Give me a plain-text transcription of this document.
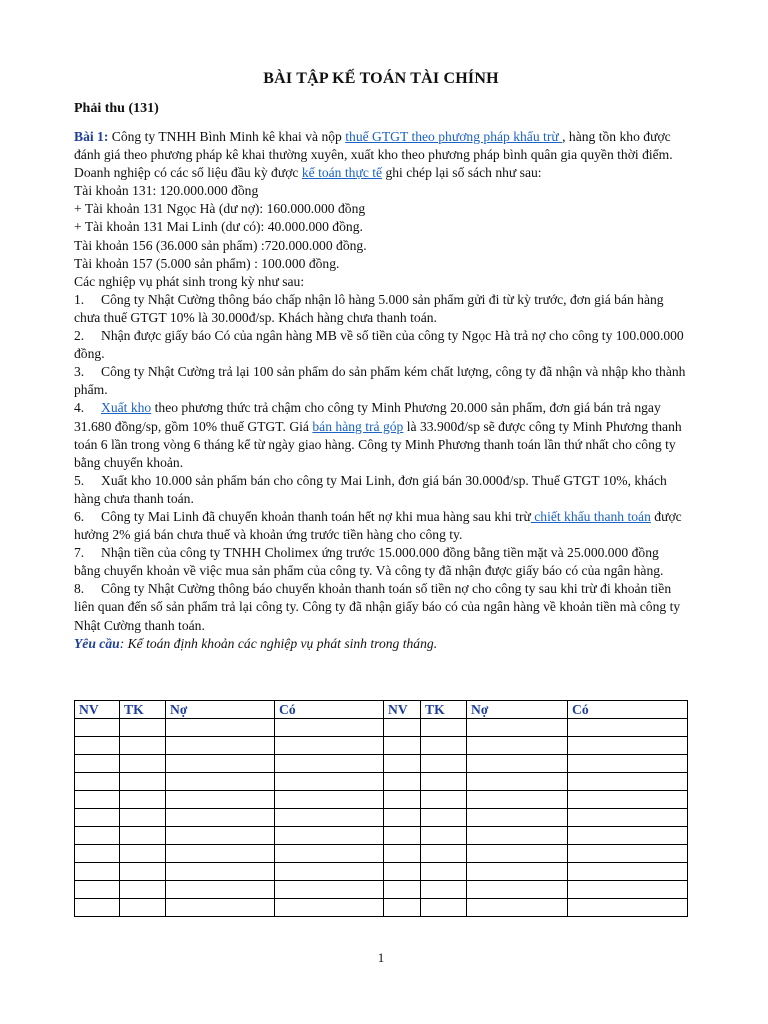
BÀI TẬP KẾ TOÁN TÀI CHÍNH
Phải thu (131)

Bài 1: Công ty TNHH Bình Minh kê khai và nộp thuế GTGT theo phương pháp khấu trừ , hàng tồn kho được đánh giá theo phương pháp kê khai thường xuyên, xuất kho theo phương pháp bình quân gia quyền thời điểm. Doanh nghiệp có các số liệu đầu kỳ được kế toán thực tế ghi chép lại số sách như sau:

Tài khoản 131: 120.000.000 đồng

+ Tài khoản 131 Ngọc Hà (dư nợ): 160.000.000 đồng

+ Tài khoản 131 Mai Linh (dư có): 40.000.000 đồng.

Tài khoản 156 (36.000 sản phẩm) :720.000.000 đồng.

Tài khoản 157 (5.000 sản phẩm) : 100.000 đồng.

Các nghiệp vụ phát sinh trong kỳ như sau:

1. Công ty Nhật Cường thông báo chấp nhận lô hàng 5.000 sản phẩm gửi đi từ kỳ trước, đơn giá bán hàng chưa thuế GTGT 10% là 30.000đ/sp. Khách hàng chưa thanh toán.

2. Nhận được giấy báo Có của ngân hàng MB về số tiền của công ty Ngọc Hà trả nợ cho công ty 100.000.000 đồng.

3. Công ty Nhật Cường trả lại 100 sản phẩm do sản phẩm kém chất lượng, công ty đã nhận và nhập kho thành phẩm.

4. Xuất kho theo phương thức trả chậm cho công ty Minh Phương 20.000 sản phẩm, đơn giá bán trả ngay 31.680 đồng/sp, gồm 10% thuế GTGT. Giá bán hàng trả góp là 33.900đ/sp sẽ được công ty Minh Phương thanh toán 6 lần trong vòng 6 tháng kể từ ngày giao hàng. Công ty Minh Phương thanh toán lần thứ nhất cho công ty bằng chuyển khoản.

5. Xuất kho 10.000 sản phẩm bán cho công ty Mai Linh, đơn giá bán 30.000đ/sp. Thuế GTGT 10%, khách hàng chưa thanh toán.

6. Công ty Mai Linh đã chuyển khoản thanh toán hết nợ khi mua hàng sau khi trừ chiết khấu thanh toán được hưởng 2% giá bán chưa thuế và khoản ứng trước tiền hàng cho công ty.

7. Nhận tiền của công ty TNHH Cholimex ứng trước 15.000.000 đồng bằng tiền mặt và 25.000.000 đồng bằng chuyển khoản về việc mua sản phẩm của công ty. Và công ty đã nhận được giấy báo có của ngân hàng.

8. Công ty Nhật Cường thông báo chuyển khoản thanh toán số tiền nợ cho công ty sau khi trừ đi khoản tiền liên quan đến số sản phẩm trả lại công ty. Công ty đã nhận giấy báo có của ngân hàng về khoản tiền mà công ty Nhật Cường thanh toán.

Yêu cầu: Kế toán định khoản các nghiệp vụ phát sinh trong tháng.

NV	TK	Nợ	Có	NV	TK	Nợ	Có

1
